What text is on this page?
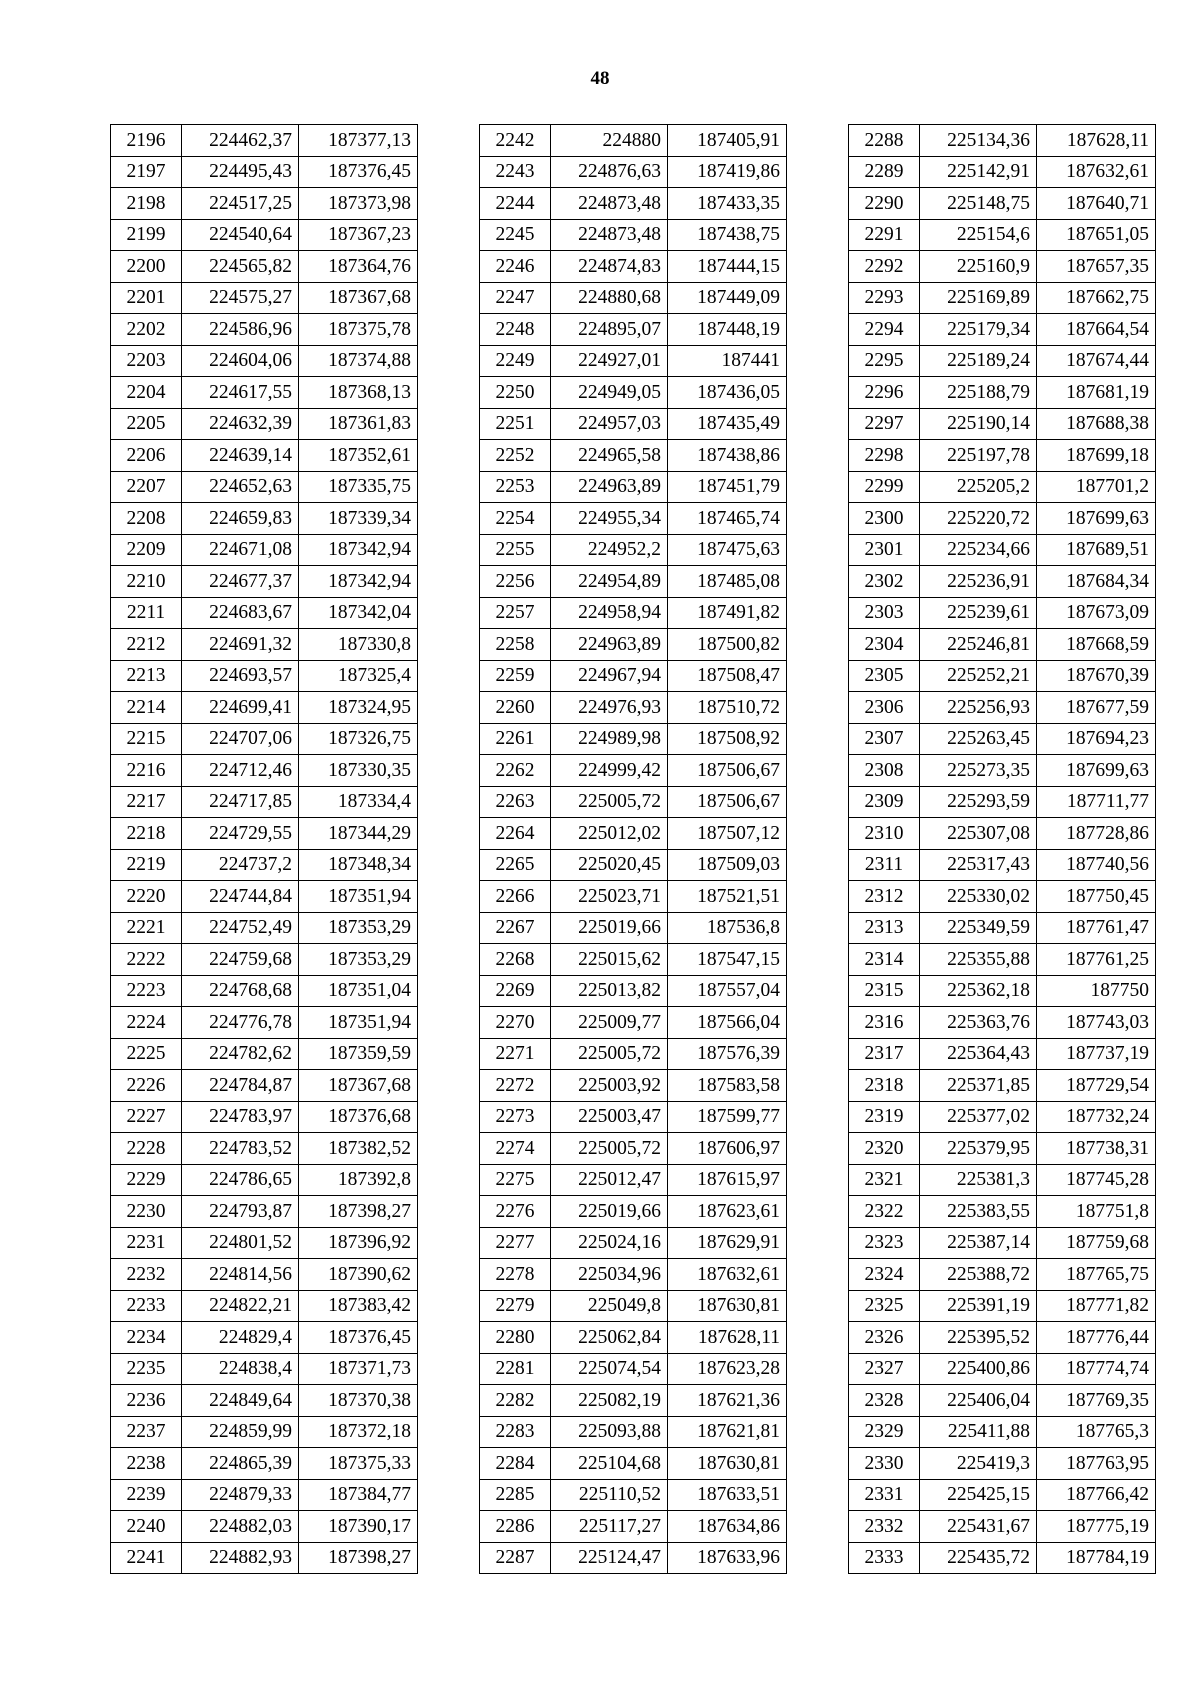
48
2196	224462,37	187377,13
2197	224495,43	187376,45
2198	224517,25	187373,98
2199	224540,64	187367,23
2200	224565,82	187364,76
2201	224575,27	187367,68
2202	224586,96	187375,78
2203	224604,06	187374,88
2204	224617,55	187368,13
2205	224632,39	187361,83
2206	224639,14	187352,61
2207	224652,63	187335,75
2208	224659,83	187339,34
2209	224671,08	187342,94
2210	224677,37	187342,94
2211	224683,67	187342,04
2212	224691,32	187330,8
2213	224693,57	187325,4
2214	224699,41	187324,95
2215	224707,06	187326,75
2216	224712,46	187330,35
2217	224717,85	187334,4
2218	224729,55	187344,29
2219	224737,2	187348,34
2220	224744,84	187351,94
2221	224752,49	187353,29
2222	224759,68	187353,29
2223	224768,68	187351,04
2224	224776,78	187351,94
2225	224782,62	187359,59
2226	224784,87	187367,68
2227	224783,97	187376,68
2228	224783,52	187382,52
2229	224786,65	187392,8
2230	224793,87	187398,27
2231	224801,52	187396,92
2232	224814,56	187390,62
2233	224822,21	187383,42
2234	224829,4	187376,45
2235	224838,4	187371,73
2236	224849,64	187370,38
2237	224859,99	187372,18
2238	224865,39	187375,33
2239	224879,33	187384,77
2240	224882,03	187390,17
2241	224882,93	187398,27
2242	224880	187405,91
2243	224876,63	187419,86
2244	224873,48	187433,35
2245	224873,48	187438,75
2246	224874,83	187444,15
2247	224880,68	187449,09
2248	224895,07	187448,19
2249	224927,01	187441
2250	224949,05	187436,05
2251	224957,03	187435,49
2252	224965,58	187438,86
2253	224963,89	187451,79
2254	224955,34	187465,74
2255	224952,2	187475,63
2256	224954,89	187485,08
2257	224958,94	187491,82
2258	224963,89	187500,82
2259	224967,94	187508,47
2260	224976,93	187510,72
2261	224989,98	187508,92
2262	224999,42	187506,67
2263	225005,72	187506,67
2264	225012,02	187507,12
2265	225020,45	187509,03
2266	225023,71	187521,51
2267	225019,66	187536,8
2268	225015,62	187547,15
2269	225013,82	187557,04
2270	225009,77	187566,04
2271	225005,72	187576,39
2272	225003,92	187583,58
2273	225003,47	187599,77
2274	225005,72	187606,97
2275	225012,47	187615,97
2276	225019,66	187623,61
2277	225024,16	187629,91
2278	225034,96	187632,61
2279	225049,8	187630,81
2280	225062,84	187628,11
2281	225074,54	187623,28
2282	225082,19	187621,36
2283	225093,88	187621,81
2284	225104,68	187630,81
2285	225110,52	187633,51
2286	225117,27	187634,86
2287	225124,47	187633,96
2288	225134,36	187628,11
2289	225142,91	187632,61
2290	225148,75	187640,71
2291	225154,6	187651,05
2292	225160,9	187657,35
2293	225169,89	187662,75
2294	225179,34	187664,54
2295	225189,24	187674,44
2296	225188,79	187681,19
2297	225190,14	187688,38
2298	225197,78	187699,18
2299	225205,2	187701,2
2300	225220,72	187699,63
2301	225234,66	187689,51
2302	225236,91	187684,34
2303	225239,61	187673,09
2304	225246,81	187668,59
2305	225252,21	187670,39
2306	225256,93	187677,59
2307	225263,45	187694,23
2308	225273,35	187699,63
2309	225293,59	187711,77
2310	225307,08	187728,86
2311	225317,43	187740,56
2312	225330,02	187750,45
2313	225349,59	187761,47
2314	225355,88	187761,25
2315	225362,18	187750
2316	225363,76	187743,03
2317	225364,43	187737,19
2318	225371,85	187729,54
2319	225377,02	187732,24
2320	225379,95	187738,31
2321	225381,3	187745,28
2322	225383,55	187751,8
2323	225387,14	187759,68
2324	225388,72	187765,75
2325	225391,19	187771,82
2326	225395,52	187776,44
2327	225400,86	187774,74
2328	225406,04	187769,35
2329	225411,88	187765,3
2330	225419,3	187763,95
2331	225425,15	187766,42
2332	225431,67	187775,19
2333	225435,72	187784,19
